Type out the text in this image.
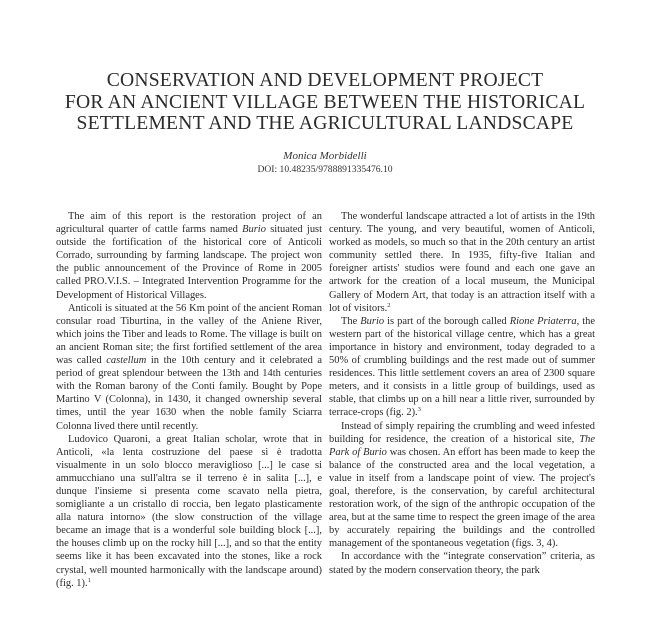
CONSERVATION AND DEVELOPMENT PROJECT
FOR AN ANCIENT VILLAGE BETWEEN THE HISTORICAL
SETTLEMENT AND THE AGRICULTURAL LANDSCAPE
Monica Morbidelli
DOI: 10.48235/9788891335476.10

The aim of this report is the restoration project of an agricultural quarter of cattle farms named Burio situated just outside the fortification of the historical core of Anticoli Corrado, surrounding by farming landscape. The project won the public announcement of the Province of Rome in 2005 called PRO.V.I.S. – Integrated Intervention Programme for the Development of Historical Villages.

Anticoli is situated at the 56 Km point of the ancient Roman consular road Tiburtina, in the valley of the Aniene River, which joins the Tiber and leads to Rome. The village is built on an ancient Roman site; the first fortified settlement of the area was called castellum in the 10th century and it celebrated a period of great splendour between the 13th and 14th centuries with the Roman barony of the Conti family. Bought by Pope Martino V (Colonna), in 1430, it changed ownership several times, until the year 1630 when the noble family Sciarra Colonna lived there until recently.

Ludovico Quaroni, a great Italian scholar, wrote that in Anticoli, «la lenta costruzione del paese si è tradotta visualmente in un solo blocco meraviglioso [...] le case si ammucchiano una sull'altra se il terreno è in salita [...], e dunque l'insieme si presenta come scavato nella pietra, somigliante a un cristallo di roccia, ben legato plasticamente alla natura intorno» (the slow construction of the village became an image that is a wonderful sole building block [...], the houses climb up on the rocky hill [...], and so that the entity seems like it has been excavated into the stones, like a rock crystal, well mounted harmonically with the landscape around) (fig. 1).$^1$

The wonderful landscape attracted a lot of artists in the 19th century. The young, and very beautiful, women of Anticoli, worked as models, so much so that in the 20th century an artist community settled there. In 1935, fifty-five Italian and foreigner artists' studios were found and each one gave an artwork for the creation of a local museum, the Municipal Gallery of Modern Art, that today is an attraction itself with a lot of visitors.$^2$

The Burio is part of the borough called Rione Priaterra, the western part of the historical village centre, which has a great importance in history and environment, today degraded to a 50% of crumbling buildings and the rest made out of summer residences. This little settlement covers an area of 2300 square meters, and it consists in a little group of buildings, used as stable, that climbs up on a hill near a little river, surrounded by terrace-crops (fig. 2).$^3$

Instead of simply repairing the crumbling and weed infested building for residence, the creation of a historical site, The Park of Burio was chosen. An effort has been made to keep the balance of the constructed area and the local vegetation, a value in itself from a landscape point of view. The project's goal, therefore, is the conservation, by careful architectural restoration work, of the sign of the anthropic occupation of the area, but at the same time to respect the green image of the area by accurately repairing the buildings and the controlled management of the spontaneous vegetation (figs. 3, 4).

In accordance with the “integrate conservation” criteria, as stated by the modern conservation theory, the park
